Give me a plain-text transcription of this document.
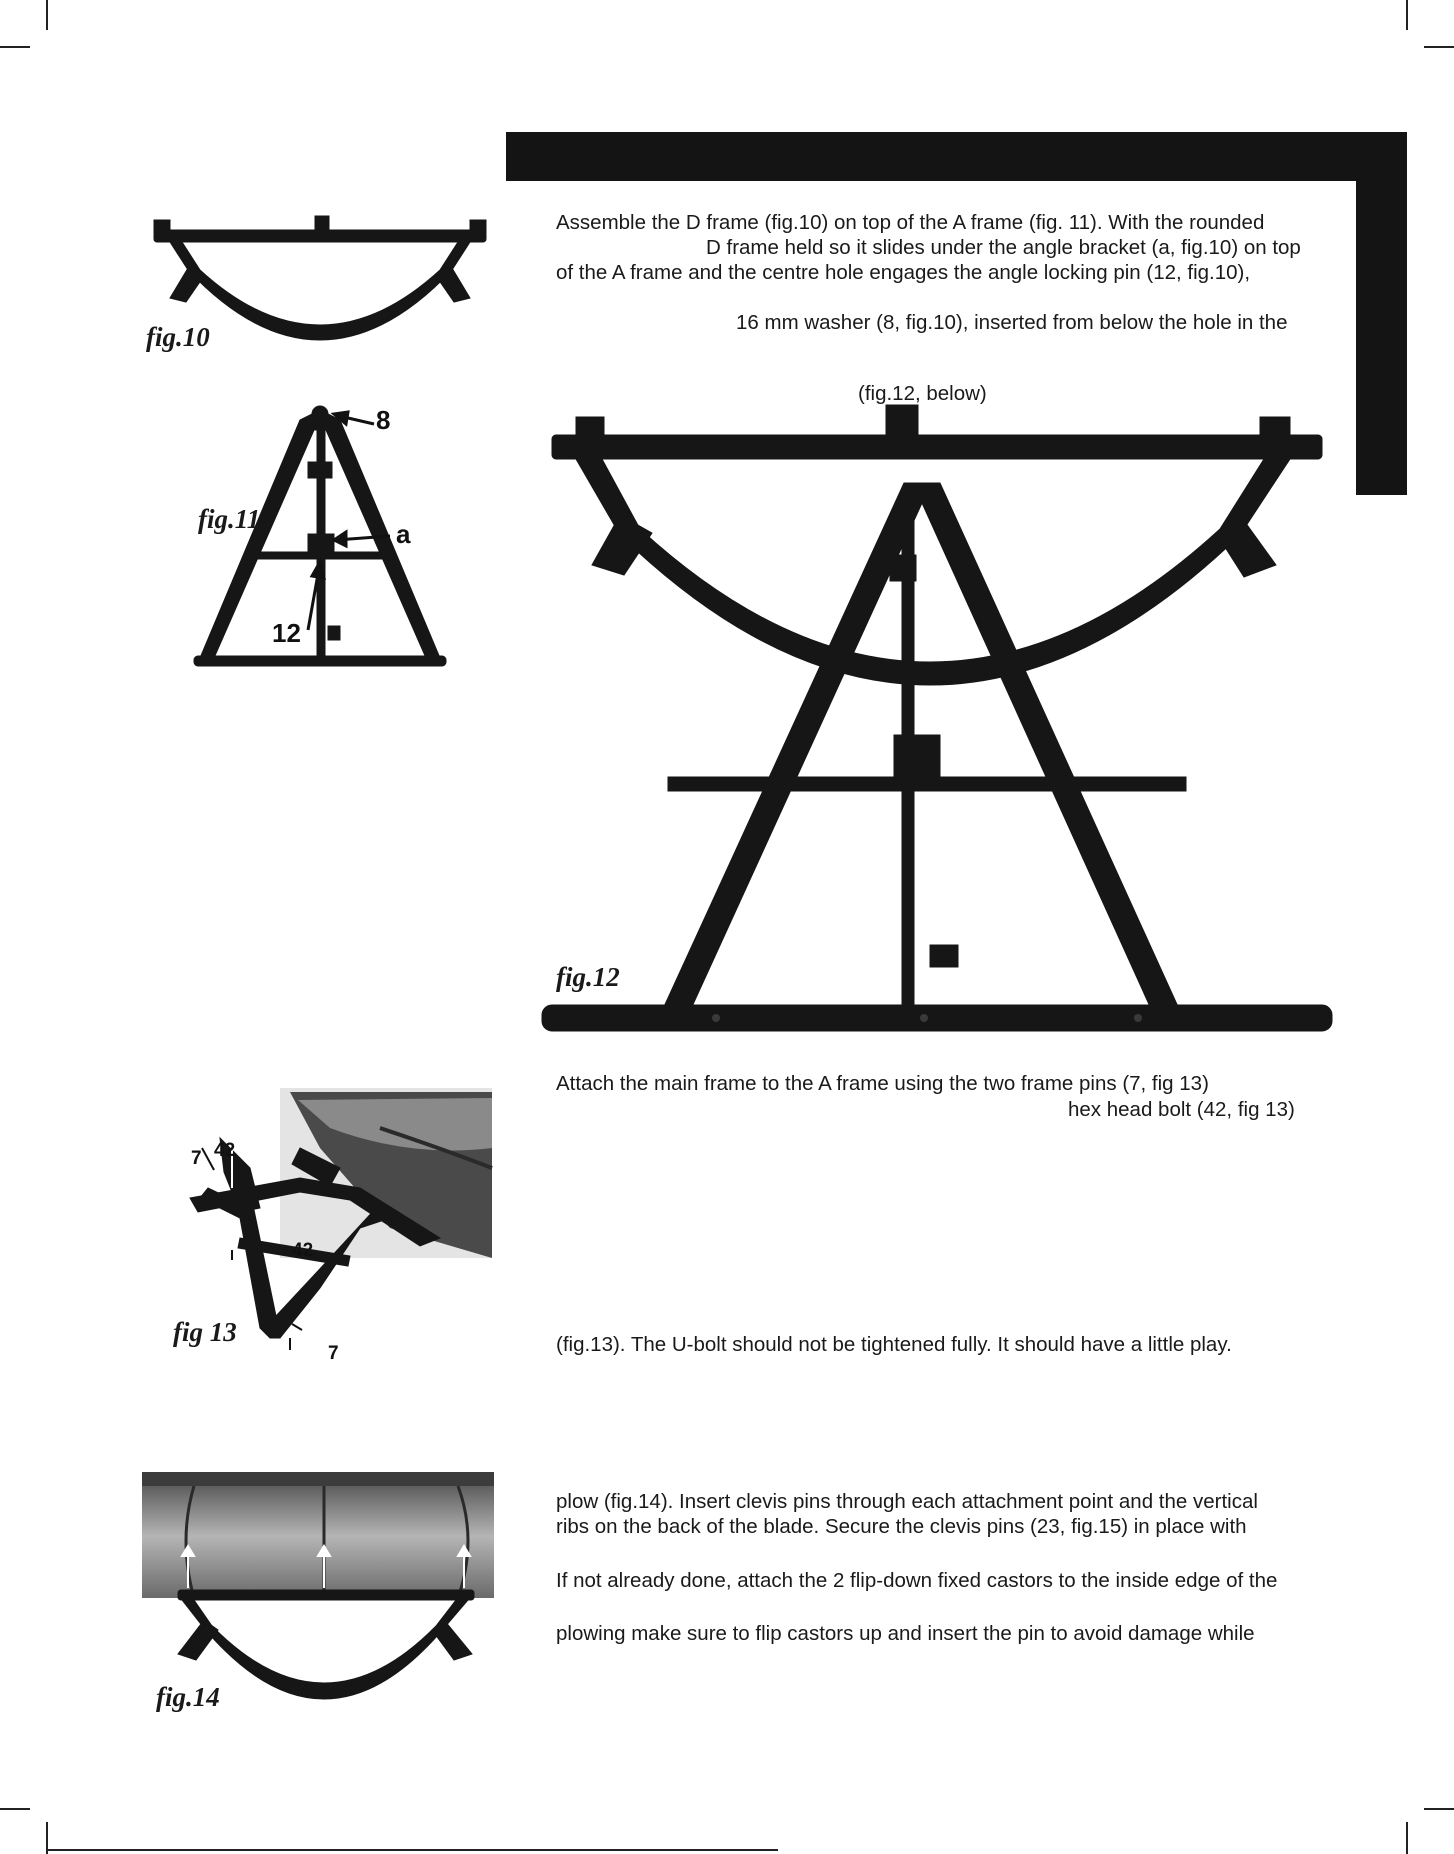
Assemble the D frame (fig.10) on top of the A frame (fig. 11). With the rounded
D frame held so it slides under the angle bracket (a, fig.10) on top
of the A frame and the centre hole engages the angle locking pin (12, fig.10),
16 mm washer (8, fig.10), inserted from below the hole in the
(fig.12, below)
fig.10
fig.11
8
a
12
fig.12
Attach the main frame to the A frame using the two frame pins (7, fig 13)
hex head bolt (42, fig 13)
(fig.13). The U-bolt should not be tightened fully. It should have a little play.
7 42
42
7
fig 13
plow (fig.14). Insert clevis pins through each attachment point and the vertical
ribs on the back of the blade. Secure the clevis pins (23, fig.15) in place with
If not already done, attach the 2 flip-down fixed castors to the inside edge of the
plowing make sure to flip castors up and insert the pin to avoid damage while
fig.14
